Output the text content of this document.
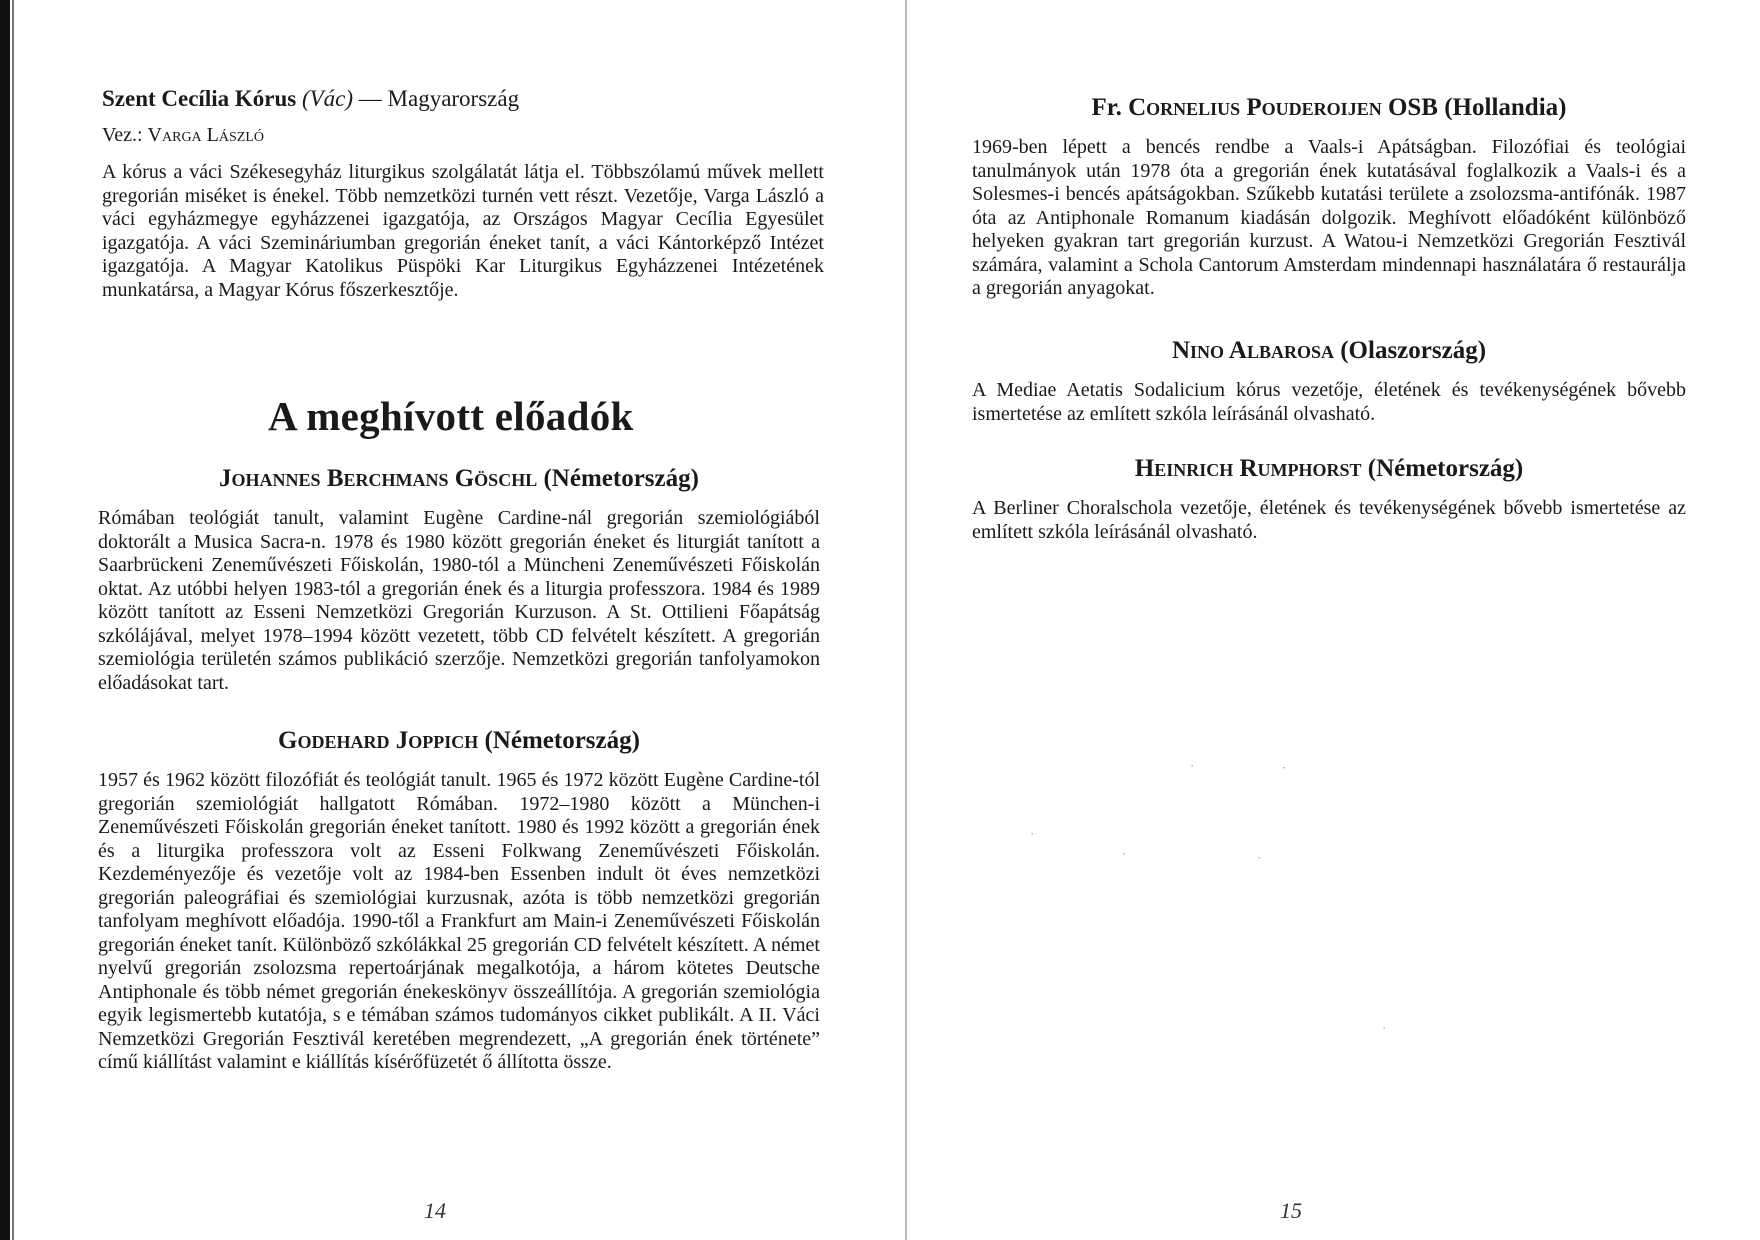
Szent Cecília Kórus (Vác) — Magyarország

Vez.: Varga László

A kórus a váci Székesegyház liturgikus szolgálatát látja el. Többszólamú művek mellett gregorián miséket is énekel. Több nemzetközi turnén vett részt. Vezetője, Varga László a váci egyházmegye egyházzenei igazgatója, az Országos Magyar Cecília Egyesület igazgatója. A váci Szemináriumban gregorián éneket tanít, a váci Kántorképző Intézet igazgatója. A Magyar Katolikus Püspöki Kar Liturgikus Egyházzenei Intézetének munkatársa, a Magyar Kórus főszerkesztője.

A meghívott előadók

Johannes Berchmans Göschl (Németország)

Rómában teológiát tanult, valamint Eugène Cardine-nál gregorián szemiológiából doktorált a Musica Sacra-n. 1978 és 1980 között gregorián éneket és liturgiát tanított a Saarbrückeni Zeneművészeti Főiskolán, 1980-tól a Müncheni Zeneművészeti Főiskolán oktat. Az utóbbi helyen 1983-tól a gregorián ének és a liturgia professzora. 1984 és 1989 között tanított az Esseni Nemzetközi Gregorián Kurzuson. A St. Ottilieni Főapátság szkólájával, melyet 1978–1994 között vezetett, több CD felvételt készített. A gregorián szemiológia területén számos publikáció szerzője. Nemzetközi gregorián tanfolyamokon előadásokat tart.

Godehard Joppich (Németország)

1957 és 1962 között filozófiát és teológiát tanult. 1965 és 1972 között Eugène Cardine-tól gregorián szemiológiát hallgatott Rómában. 1972–1980 között a München-i Zeneművészeti Főiskolán gregorián éneket tanított. 1980 és 1992 között a gregorián ének és a liturgika professzora volt az Esseni Folkwang Zeneművészeti Főiskolán. Kezdeményezője és vezetője volt az 1984-ben Essenben indult öt éves nemzetközi gregorián paleográfiai és szemiológiai kurzusnak, azóta is több nemzetközi gregorián tanfolyam meghívott előadója. 1990-től a Frankfurt am Main-i Zeneművészeti Főiskolán gregorián éneket tanít. Különböző szkólákkal 25 gregorián CD felvételt készített. A német nyelvű gregorián zsolozsma repertoárjának megalkotója, a három kötetes Deutsche Antiphonale és több német gregorián énekeskönyv összeállítója. A gregorián szemiológia egyik legismertebb kutatója, s e témában számos tudományos cikket publikált. A II. Váci Nemzetközi Gregorián Fesztivál keretében megrendezett, „A gregorián ének története” című kiállítást valamint e kiállítás kísérőfüzetét ő állította össze.

14

Fr. Cornelius Pouderoijen OSB (Hollandia)

1969-ben lépett a bencés rendbe a Vaals-i Apátságban. Filozófiai és teológiai tanulmányok után 1978 óta a gregorián ének kutatásával foglalkozik a Vaals-i és a Solesmes-i bencés apátságokban. Szűkebb kutatási területe a zsolozsma-antifónák. 1987 óta az Antiphonale Romanum kiadásán dolgozik. Meghívott előadóként különböző helyeken gyakran tart gregorián kurzust. A Watou-i Nemzetközi Gregorián Fesztivál számára, valamint a Schola Cantorum Amsterdam mindennapi használatára ő restaurálja a gregorián anyagokat.

Nino Albarosa (Olaszország)

A Mediae Aetatis Sodalicium kórus vezetője, életének és tevékenységének bővebb ismertetése az említett szkóla leírásánál olvasható.

Heinrich Rumphorst (Németország)

A Berliner Choralschola vezetője, életének és tevékenységének bővebb ismertetése az említett szkóla leírásánál olvasható.

15
·	·
·
·	·
·
